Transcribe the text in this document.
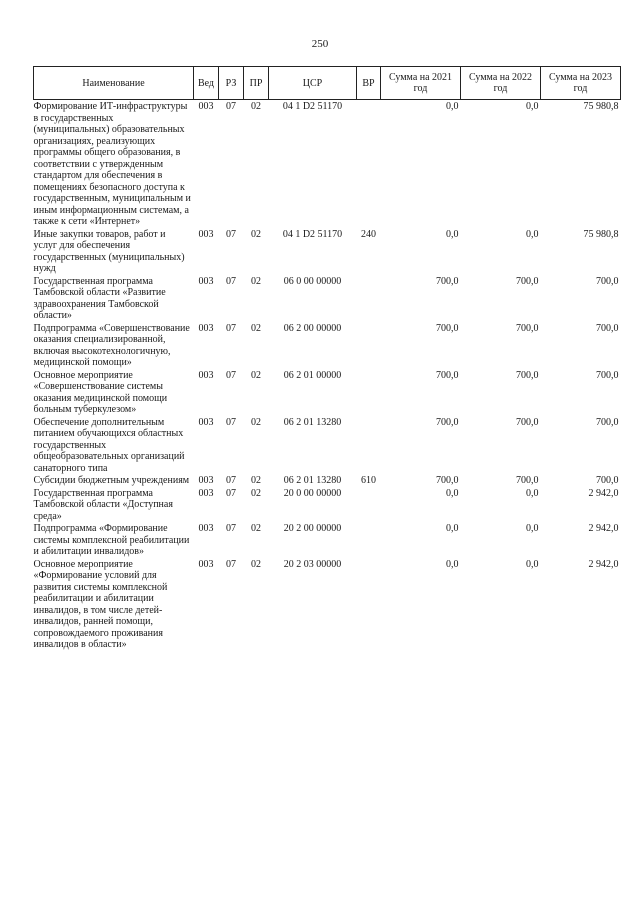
250
Наименование	Вед	РЗ	ПР	ЦСР	ВР	Сумма на 2021 год	Сумма на 2022 год	Сумма на 2023 год
Формирование ИТ-инфраструктуры в государственных (муниципальных) образовательных организациях, реализующих программы общего образования, в соответствии с утвержденным стандартом для обеспечения в помещениях безопасного доступа к государственным, муниципальным и иным информационным системам, а также к сети «Интернет»	003	07	02	04 1 D2 51170		0,0	0,0	75 980,8
Иные закупки товаров, работ и услуг для обеспечения государственных (муниципальных) нужд	003	07	02	04 1 D2 51170	240	0,0	0,0	75 980,8
Государственная программа Тамбовской области «Развитие здравоохранения Тамбовской области»	003	07	02	06 0 00 00000		700,0	700,0	700,0
Подпрограмма «Совершенствование оказания специализированной, включая высокотехнологичную, медицинской помощи»	003	07	02	06 2 00 00000		700,0	700,0	700,0
Основное мероприятие «Совершенствование системы оказания медицинской помощи больным туберкулезом»	003	07	02	06 2 01 00000		700,0	700,0	700,0
Обеспечение дополнительным питанием обучающихся областных государственных общеобразовательных организаций санаторного типа	003	07	02	06 2 01 13280		700,0	700,0	700,0
Субсидии бюджетным учреждениям	003	07	02	06 2 01 13280	610	700,0	700,0	700,0
Государственная программа Тамбовской области «Доступная среда»	003	07	02	20 0 00 00000		0,0	0,0	2 942,0
Подпрограмма «Формирование системы комплексной реабилитации и абилитации инвалидов»	003	07	02	20 2 00 00000		0,0	0,0	2 942,0
Основное мероприятие «Формирование условий для развития системы комплексной реабилитации и абилитации инвалидов, в том числе детей-инвалидов, ранней помощи, сопровождаемого проживания инвалидов в области»	003	07	02	20 2 03 00000		0,0	0,0	2 942,0
